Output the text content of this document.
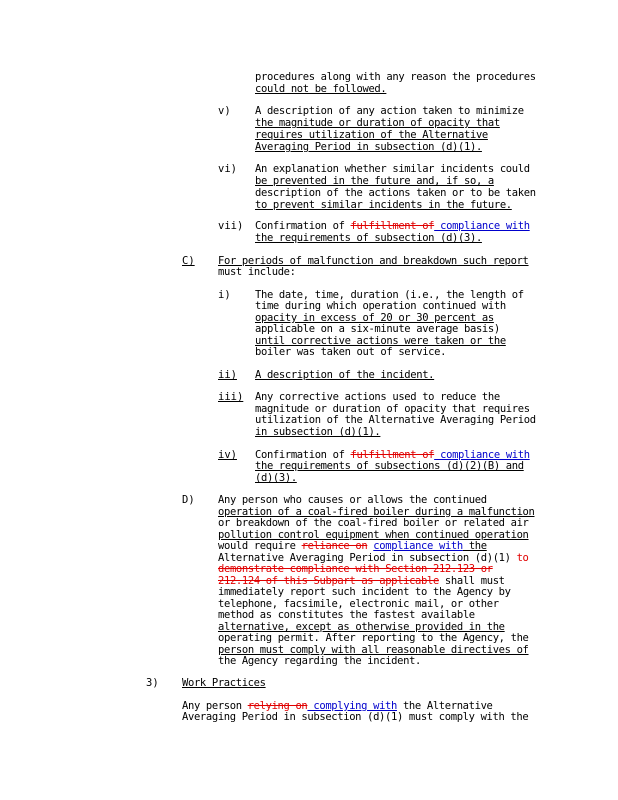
procedures along with any reason the procedures
could not be followed.
v) A description of any action taken to minimize
the magnitude or duration of opacity that
requires utilization of the Alternative
Averaging Period in subsection (d)(1).
vi) An explanation whether similar incidents could
be prevented in the future and, if so, a
description of the actions taken or to be taken
to prevent similar incidents in the future.
vii) Confirmation of fulfillment of compliance with
the requirements of subsection (d)(3).
C) For periods of malfunction and breakdown such report
must include:
i) The date, time, duration (i.e., the length of
time during which operation continued with
opacity in excess of 20 or 30 percent as
applicable on a six-minute average basis)
until corrective actions were taken or the
boiler was taken out of service.
ii) A description of the incident.
iii) Any corrective actions used to reduce the
magnitude or duration of opacity that requires
utilization of the Alternative Averaging Period
in subsection (d)(1).
iv) Confirmation of fulfillment of compliance with
the requirements of subsections (d)(2)(B) and
(d)(3).
D) Any person who causes or allows the continued
operation of a coal-fired boiler during a malfunction
or breakdown of the coal-fired boiler or related air
pollution control equipment when continued operation
would require reliance on compliance with the
Alternative Averaging Period in subsection (d)(1) to
demonstrate compliance with Section 212.123 or
212.124 of this Subpart as applicable shall must
immediately report such incident to the Agency by
telephone, facsimile, electronic mail, or other
method as constitutes the fastest available
alternative, except as otherwise provided in the
operating permit. After reporting to the Agency, the
person must comply with all reasonable directives of
the Agency regarding the incident.
3) Work Practices
Any person relying on complying with the Alternative
Averaging Period in subsection (d)(1) must comply with the
